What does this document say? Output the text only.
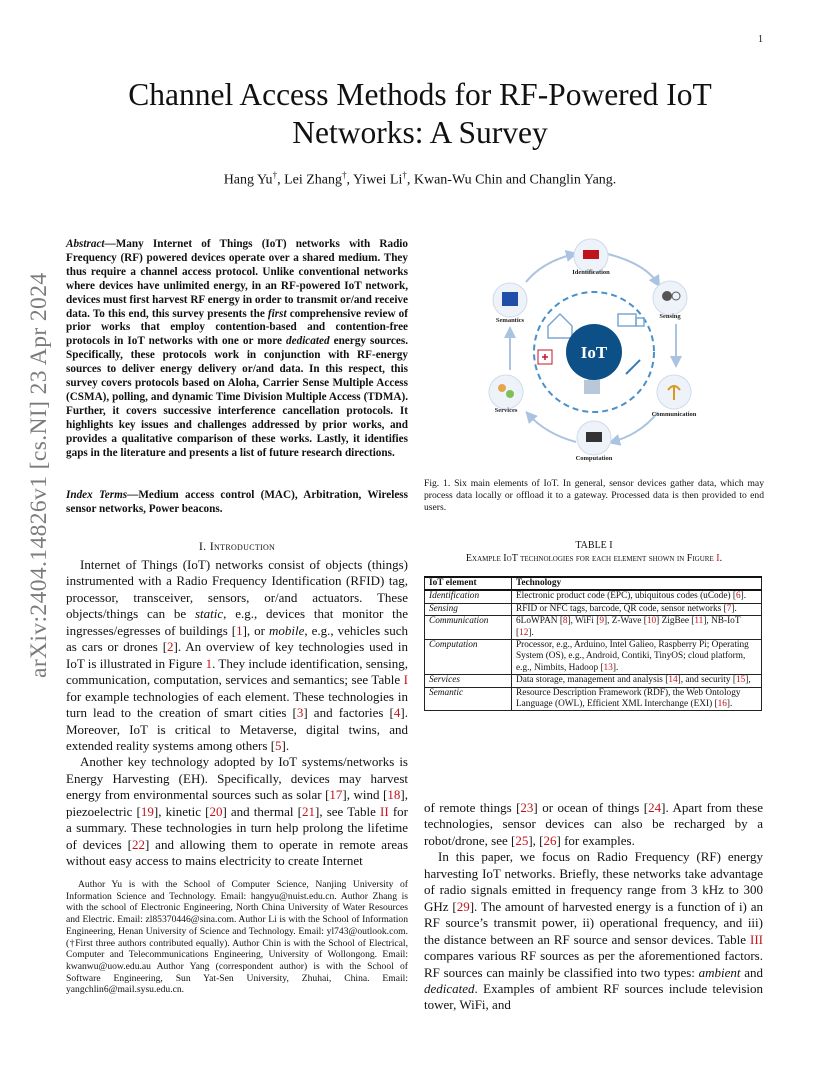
1
arXiv:2404.14826v1 [cs.NI] 23 Apr 2024
Channel Access Methods for RF-Powered IoT
Networks: A Survey
Hang Yu†, Lei Zhang†, Yiwei Li†, Kwan-Wu Chin and Changlin Yang.
Abstract—Many Internet of Things (IoT) networks with Radio Frequency (RF) powered devices operate over a shared medium. They thus require a channel access protocol. Unlike conventional networks where devices have unlimited energy, in an RF-powered IoT network, devices must first harvest RF energy in order to transmit or/and receive data. To this end, this survey presents the first comprehensive review of prior works that employ contention-based and contention-free protocols in IoT networks with one or more dedicated energy sources. Specifically, these protocols work in conjunction with RF-energy sources to deliver energy delivery or/and data. In this respect, this survey covers protocols based on Aloha, Carrier Sense Multiple Access (CSMA), polling, and dynamic Time Division Multiple Access (TDMA). Further, it covers successive interference cancellation protocols. It highlights key issues and challenges addressed by prior works, and provides a qualitative comparison of these works. Lastly, it identifies gaps in the literature and presents a list of future research directions.
Index Terms—Medium access control (MAC), Arbitration, Wireless sensor networks, Power beacons.
I. Introduction

Internet of Things (IoT) networks consist of objects (things) instrumented with a Radio Frequency Identification (RFID) tag, processor, transceiver, sensors, or/and actuators. These objects/things can be static, e.g., devices that monitor the ingresses/egresses of buildings [1], or mobile, e.g., vehicles such as cars or drones [2]. An overview of key technologies used in IoT is illustrated in Figure 1. They include identification, sensing, communication, computation, services and semantics; see Table I for example technologies of each element. These technologies in turn lead to the creation of smart cities [3] and factories [4]. Moreover, IoT is critical to Metaverse, digital twins, and extended reality systems among others [5].

Another key technology adopted by IoT systems/networks is Energy Harvesting (EH). Specifically, devices may harvest energy from environmental sources such as solar [17], wind [18], piezoelectric [19], kinetic [20] and thermal [21], see Table II for a summary. These technologies in turn help prolong the lifetime of devices [22] and allowing them to operate in remote areas without easy access to mains electricity to create Internet

Author Yu is with the School of Computer Science, Nanjing University of Information Science and Technology. Email: hangyu@nuist.edu.cn. Author Zhang is with the school of Electronic Engineering, North China University of Water Resources and Electric. Email: zl85370446@sina.com. Author Li is with the School of Information Engineering, Henan University of Science and Technology. Email: yl743@outlook.com. (†First three authors contributed equally). Author Chin is with the School of Electrical, Computer and Telecommunications Engineering, University of Wollongong. Email: kwanwu@uow.edu.au Author Yang (correspondent author) is with the School of Software Engineering, Sun Yat-Sen University, Zhuhai, China. Email: yangchlin6@mail.sysu.edu.cn.

IoT
Identification
Sensing
Communication
Computation
Services
Semantics
Fig. 1. Six main elements of IoT. In general, sensor devices gather data, which may process data locally or offload it to a gateway. Processed data is then provided to end users.
TABLE I
Example IoT technologies for each element shown in Figure I.
IoT element	Technology
Identification	Electronic product code (EPC), ubiquitous codes (uCode) [6].
Sensing	RFID or NFC tags, barcode, QR code, sensor networks [7].
Communication	6LoWPAN [8], WiFi [9], Z-Wave [10] ZigBee [11], NB-IoT [12].
Computation	Processor, e.g., Arduino, Intel Galieo, Raspberry Pi; Operating System (OS), e.g., Android, Contiki, TinyOS; cloud platform, e.g., Nimbits, Hadoop [13].
Services	Data storage, management and analysis [14], and security [15],
Semantic	Resource Description Framework (RDF), the Web Ontology Language (OWL), Efficient XML Interchange (EXI) [16].

of remote things [23] or ocean of things [24]. Apart from these technologies, sensor devices can also be recharged by a robot/drone, see [25], [26] for examples.

In this paper, we focus on Radio Frequency (RF) energy harvesting IoT networks. Briefly, these networks take advantage of radio signals emitted in frequency range from 3 kHz to 300 GHz [29]. The amount of harvested energy is a function of i) an RF source’s transmit power, ii) operational frequency, and iii) the distance between an RF source and sensor devices. Table III compares various RF sources as per the aforementioned factors. RF sources can mainly be classified into two types: ambient and dedicated. Examples of ambient RF sources include television tower, WiFi, and
